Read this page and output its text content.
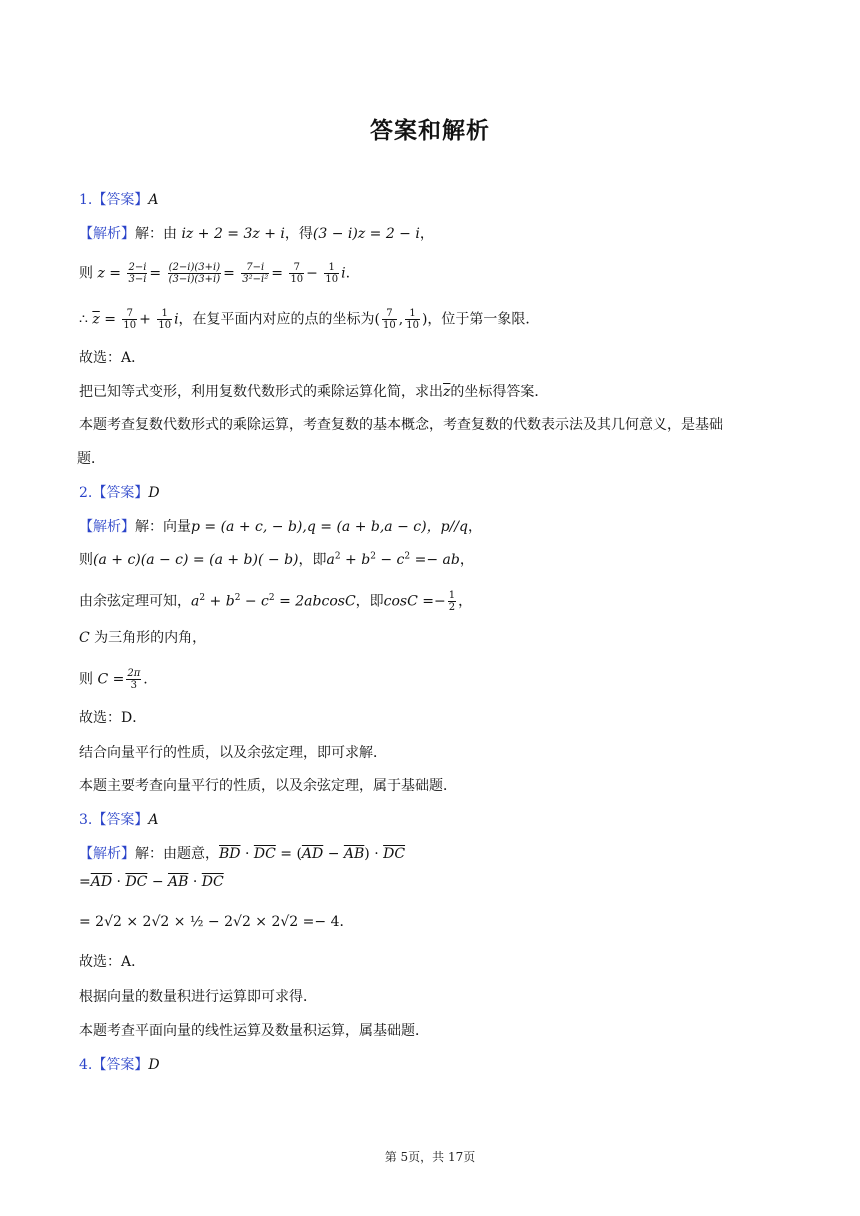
答案和解析
1.【答案】A
【解析】解：由 iz + 2 = 3z + i，得(3 − i)z = 2 − i，
则 $z = \frac{2-i}{3-i} = \frac{(2-i)(3+i)}{(3-i)(3+i)} = \frac{7-i}{\text{3²−i²}} = \frac{7}{10} - \frac{1}{10} i$.
∴ $\overline{z} = \frac{7}{10} + \frac{1}{10}$ i，在复平面内对应的点的坐标为( $\frac{7}{10}$ , $\frac{1}{10}$ )，位于第一象限．
故选：A．
把已知等式变形，利用复数代数形式的乘除运算化简，求出$\overline{z}$的坐标得答案．
本题考查复数代数形式的乘除运算，考查复数的基本概念，考查复数的代数表示法及其几何意义，是基础
题．
2.【答案】D
【解析】解：向量p = (a + c, − b),q = (a + b,a − c)，p//q，
则(a + c)(a − c) = (a + b)( − b)，即$a^2 + b^2 - c^2$ =− ab，
由余弦定理可知，$a^2 + b^2 - c^2 = 2abcosC$，即$\cos C =- \frac{1}{2}$ ，
C 为三角形的内角，
则 $C = \frac{2\pi}{3}$ .
故选：D．
结合向量平行的性质，以及余弦定理，即可求解．
本题主要考查向量平行的性质，以及余弦定理，属于基础题．
3.【答案】A
【解析】解：由题意，$\overline{BD} \cdot \overline{DC} = (\overline{AD} - \overline{AB}) \cdot \overline{DC}$
$=\overline{AD} \cdot \overline{DC} - \overline{AB} \cdot \overline{DC}$
= 2√2 × 2√2 × ½ − 2√2 × 2√2 =− 4．
故选：A．
根据向量的数量积进行运算即可求得．
本题考查平面向量的线性运算及数量积运算，属基础题．
4.【答案】D
第 5页，共 17页
